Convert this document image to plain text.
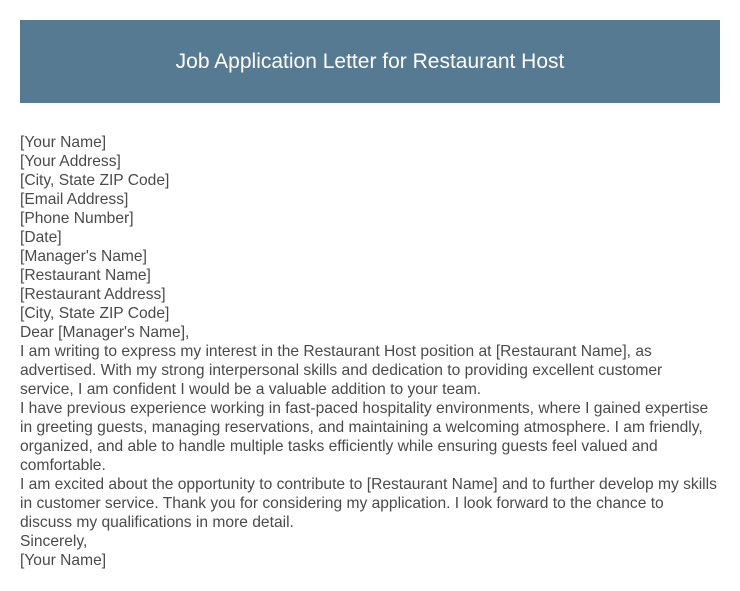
Job Application Letter for Restaurant Host

[Your Name]

[Your Address]

[City, State ZIP Code]

[Email Address]

[Phone Number]

[Date]

[Manager's Name]

[Restaurant Name]

[Restaurant Address]

[City, State ZIP Code]

Dear [Manager's Name],

I am writing to express my interest in the Restaurant Host position at [Restaurant Name], as advertised. With my strong interpersonal skills and dedication to providing excellent customer service, I am confident I would be a valuable addition to your team.

I have previous experience working in fast-paced hospitality environments, where I gained expertise in greeting guests, managing reservations, and maintaining a welcoming atmosphere. I am friendly, organized, and able to handle multiple tasks efficiently while ensuring guests feel valued and comfortable.

I am excited about the opportunity to contribute to [Restaurant Name] and to further develop my skills in customer service. Thank you for considering my application. I look forward to the chance to discuss my qualifications in more detail.

Sincerely,

[Your Name]
